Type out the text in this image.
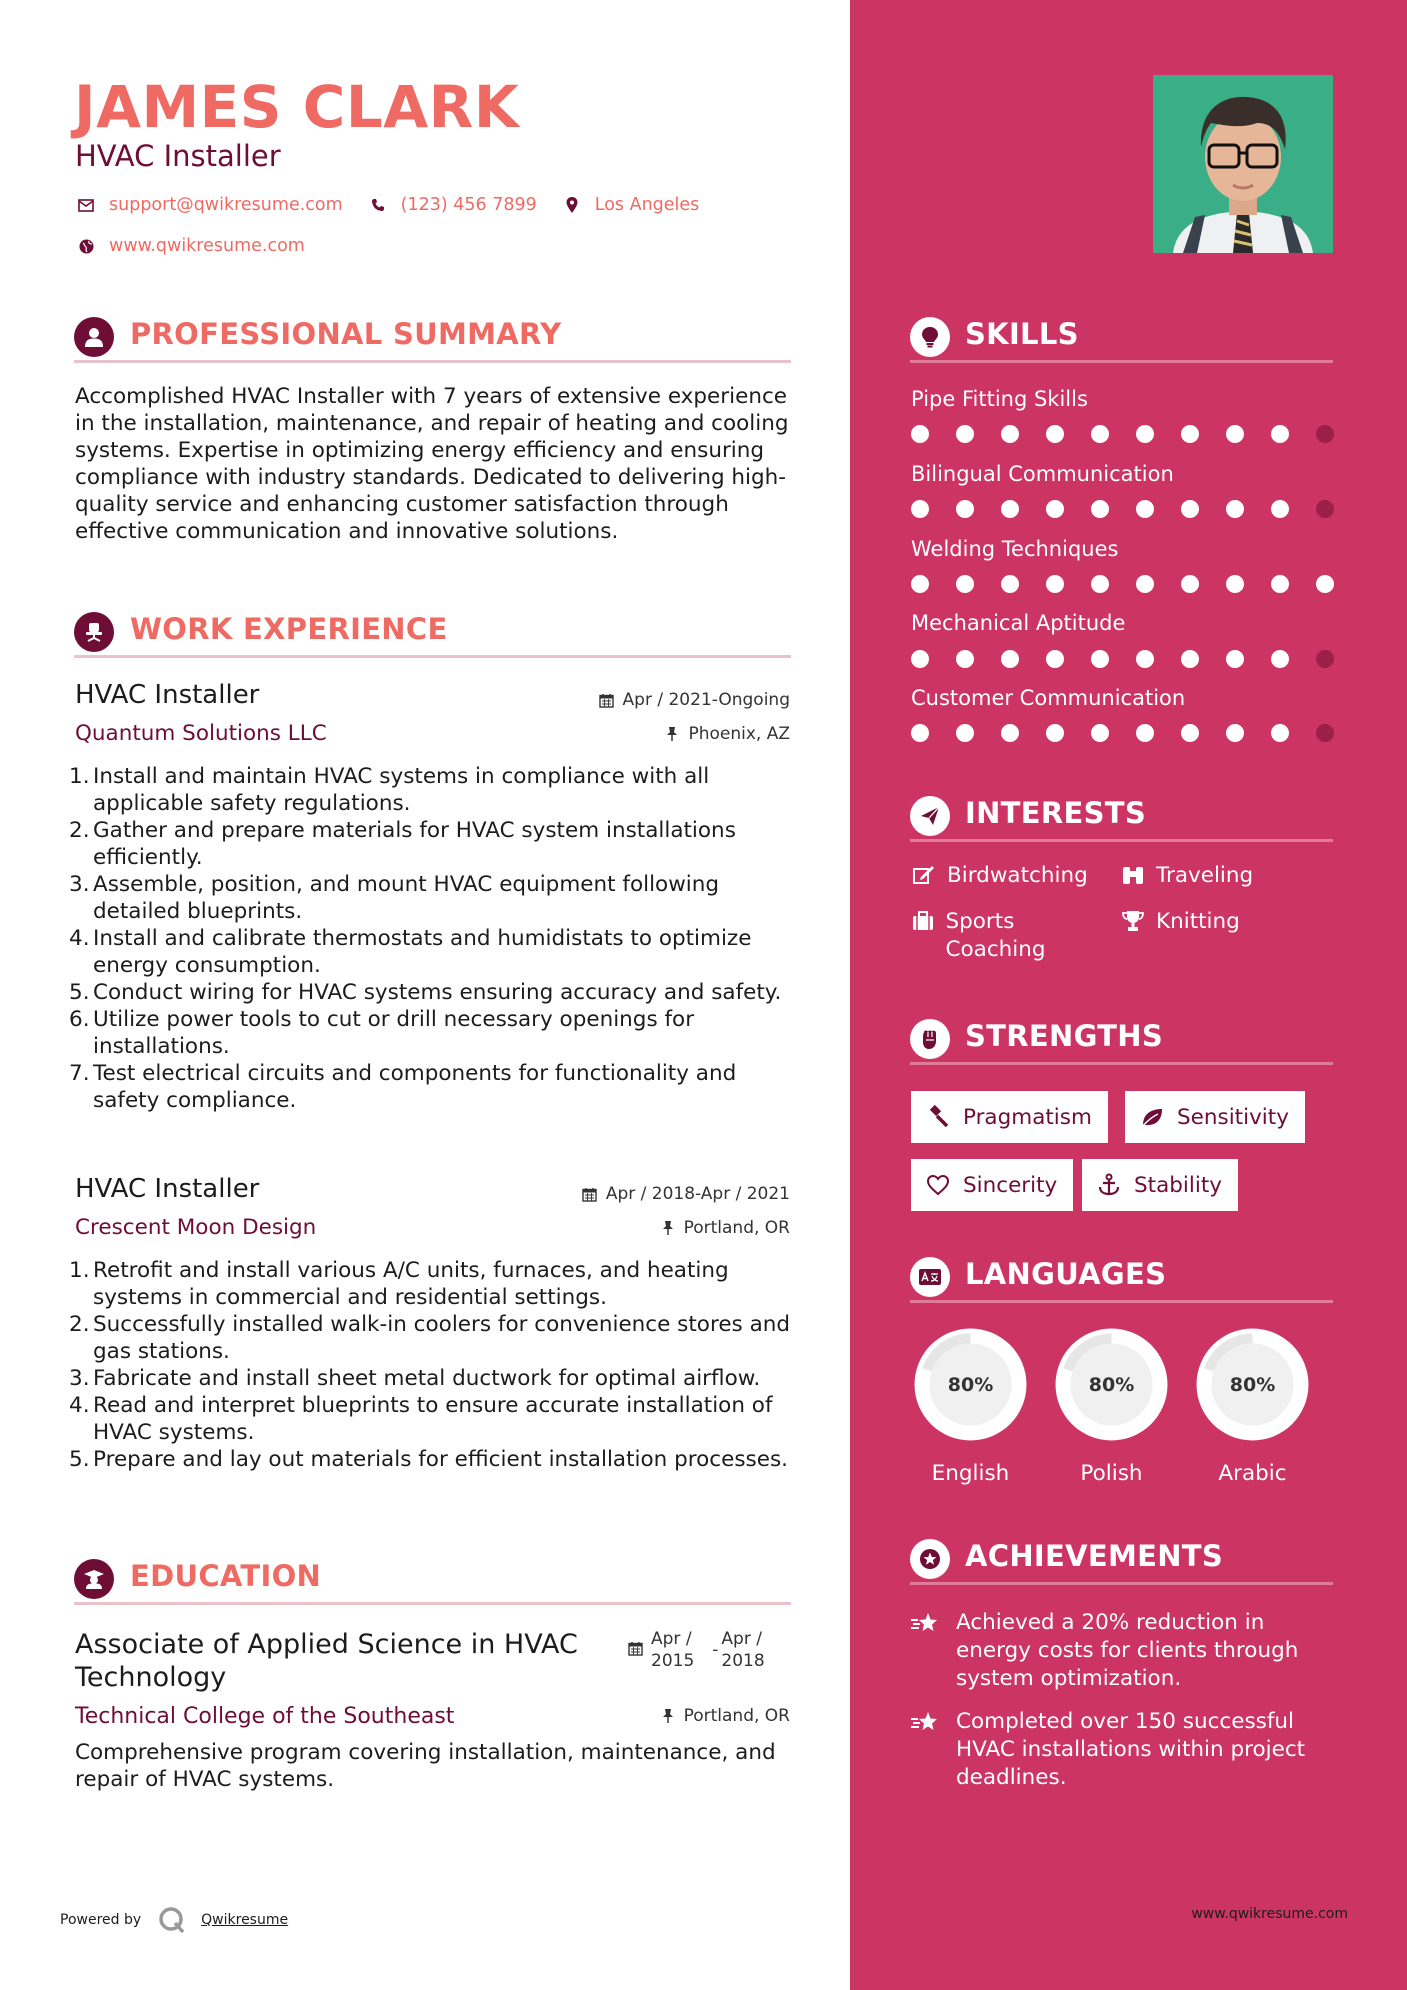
JAMES CLARK
HVAC Installer
support@qwikresume.com	(123) 456 7899	Los Angeles
www.qwikresume.com
PROFESSIONAL SUMMARY
Accomplished HVAC Installer with 7 years of extensive experience in the installation, maintenance, and repair of heating and cooling systems. Expertise in optimizing energy efficiency and ensuring compliance with industry standards. Dedicated to delivering high-quality service and enhancing customer satisfaction through effective communication and innovative solutions.
WORK EXPERIENCE
HVAC Installer	Apr / 2021-Ongoing
Quantum Solutions LLC	Phoenix, AZ
Install and maintain HVAC systems in compliance with all applicable safety regulations.
Gather and prepare materials for HVAC system installations efficiently.
Assemble, position, and mount HVAC equipment following detailed blueprints.
Install and calibrate thermostats and humidistats to optimize energy consumption.
Conduct wiring for HVAC systems ensuring accuracy and safety.
Utilize power tools to cut or drill necessary openings for installations.
Test electrical circuits and components for functionality and safety compliance.
HVAC Installer	Apr / 2018-Apr / 2021
Crescent Moon Design	Portland, OR
Retrofit and install various A/C units, furnaces, and heating systems in commercial and residential settings.
Successfully installed walk-in coolers for convenience stores and gas stations.
Fabricate and install sheet metal ductwork for optimal airflow.
Read and interpret blueprints to ensure accurate installation of HVAC systems.
Prepare and lay out materials for efficient installation processes.
EDUCATION
Associate of Applied Science in HVAC Technology
Apr /
2015
-
Apr /
2018
Technical College of the Southeast	Portland, OR
Comprehensive program covering installation, maintenance, and repair of HVAC systems.
Powered by	Qwikresume
SKILLS
Pipe Fitting Skills
Bilingual Communication
Welding Techniques
Mechanical Aptitude
Customer Communication
INTERESTS
Birdwatching	Traveling
Sports Coaching
Knitting
STRENGTHS
Pragmatism	Sensitivity
Sincerity	Stability
LANGUAGES
80%
English
80%
Polish
80%
Arabic
ACHIEVEMENTS
Achieved a 20% reduction in energy costs for clients through system optimization.
Completed over 150 successful HVAC installations within project deadlines.
www.qwikresume.com
